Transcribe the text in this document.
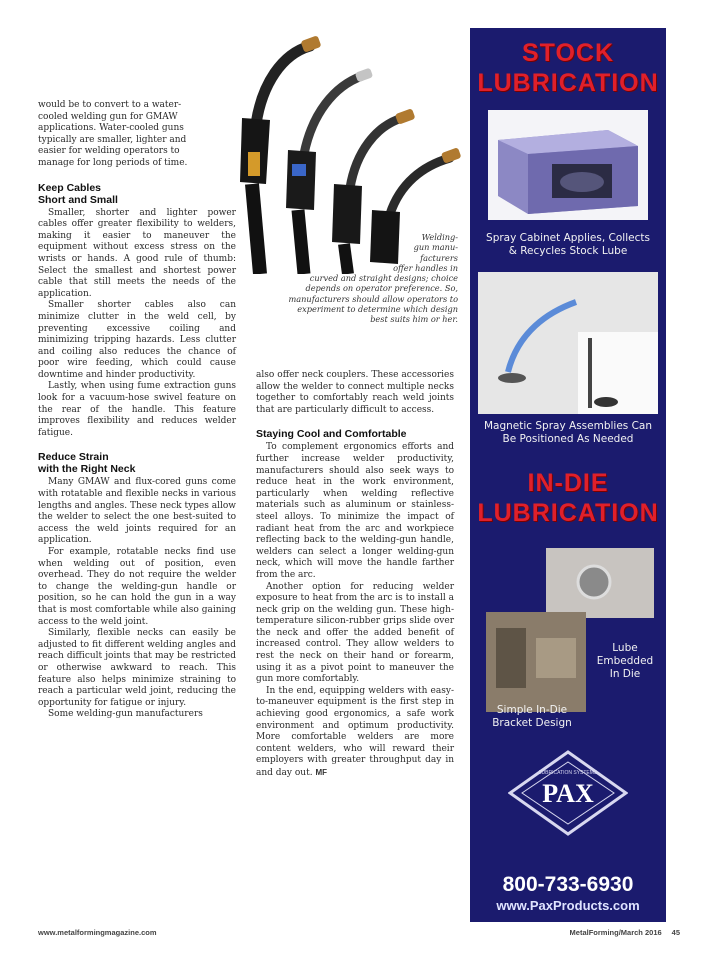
Welding-
gun manu-
facturers
offer handles in
curved and straight designs; choice
depends on operator preference. So,
manufacturers should allow operators to
experiment to determine which design
best suits him or her.

would be to convert to a water-

cooled welding gun for GMAW

applications. Water-cooled guns

typically are smaller, lighter and

easier for welding operators to

manage for long periods of time.

Keep Cables
Short and Small

Smaller, shorter and lighter power cables offer greater flexibility to welders, making it easier to maneuver the equipment without excess stress on the wrists or hands. A good rule of thumb: Select the smallest and shortest power cable that still meets the needs of the application.

Smaller shorter cables also can minimize clutter in the weld cell, by preventing excessive coiling and minimizing tripping hazards. Less clutter and coiling also reduces the chance of poor wire feeding, which could cause downtime and hinder productivity.

Lastly, when using fume extraction guns look for a vacuum-hose swivel feature on the rear of the handle. This feature improves flexibility and reduces welder fatigue.

Reduce Strain
with the Right Neck

Many GMAW and flux-cored guns come with rotatable and flexible necks in various lengths and angles. These neck types allow the welder to select the one best-suited to access the weld joints required for an application.

For example, rotatable necks find use when welding out of position, even overhead. They do not require the welder to change the welding-gun handle or position, so he can hold the gun in a way that is most comfortable while also gaining access to the weld joint.

Similarly, flexible necks can easily be adjusted to fit different welding angles and reach difficult joints that may be restricted or otherwise awkward to reach. This feature also helps minimize straining to reach a particular weld joint, reducing the opportunity for fatigue or injury.

Some welding-gun manufacturers

also offer neck couplers. These accessories allow the welder to connect multiple necks together to comfortably reach weld joints that are particularly difficult to access.

Staying Cool and Comfortable

To complement ergonomics efforts and further increase welder productivity, manufacturers should also seek ways to reduce heat in the work environment, particularly when welding reflective materials such as aluminum or stainless-steel alloys. To minimize the impact of radiant heat from the arc and workpiece reflecting back to the welding-gun handle, welders can select a longer welding-gun neck, which will move the handle farther from the arc.

Another option for reducing welder exposure to heat from the arc is to install a neck grip on the welding gun. These high-temperature silicon-rubber grips slide over the neck and offer the added benefit of increased control. They allow welders to rest the neck on their hand or forearm, using it as a pivot point to maneuver the gun more comfortably.

In the end, equipping welders with easy-to-maneuver equipment is the first step in achieving good ergonomics, a safe work environment and optimum productivity. More comfortable welders are more content welders, who will reward their employers with greater throughput day in and day out. MF

STOCK
LUBRICATION
Spray Cabinet Applies, Collects
& Recycles Stock Lube
Magnetic Spray Assemblies Can
Be Positioned As Needed
IN-DIE
LUBRICATION
Lube
Embedded
In Die
Simple In-Die
Bracket Design
PAX
LUBRICATION SYSTEMS
800-733-6930
www.PaxProducts.com
www.metalformingmagazine.com	MetalForming/March 2016 45
